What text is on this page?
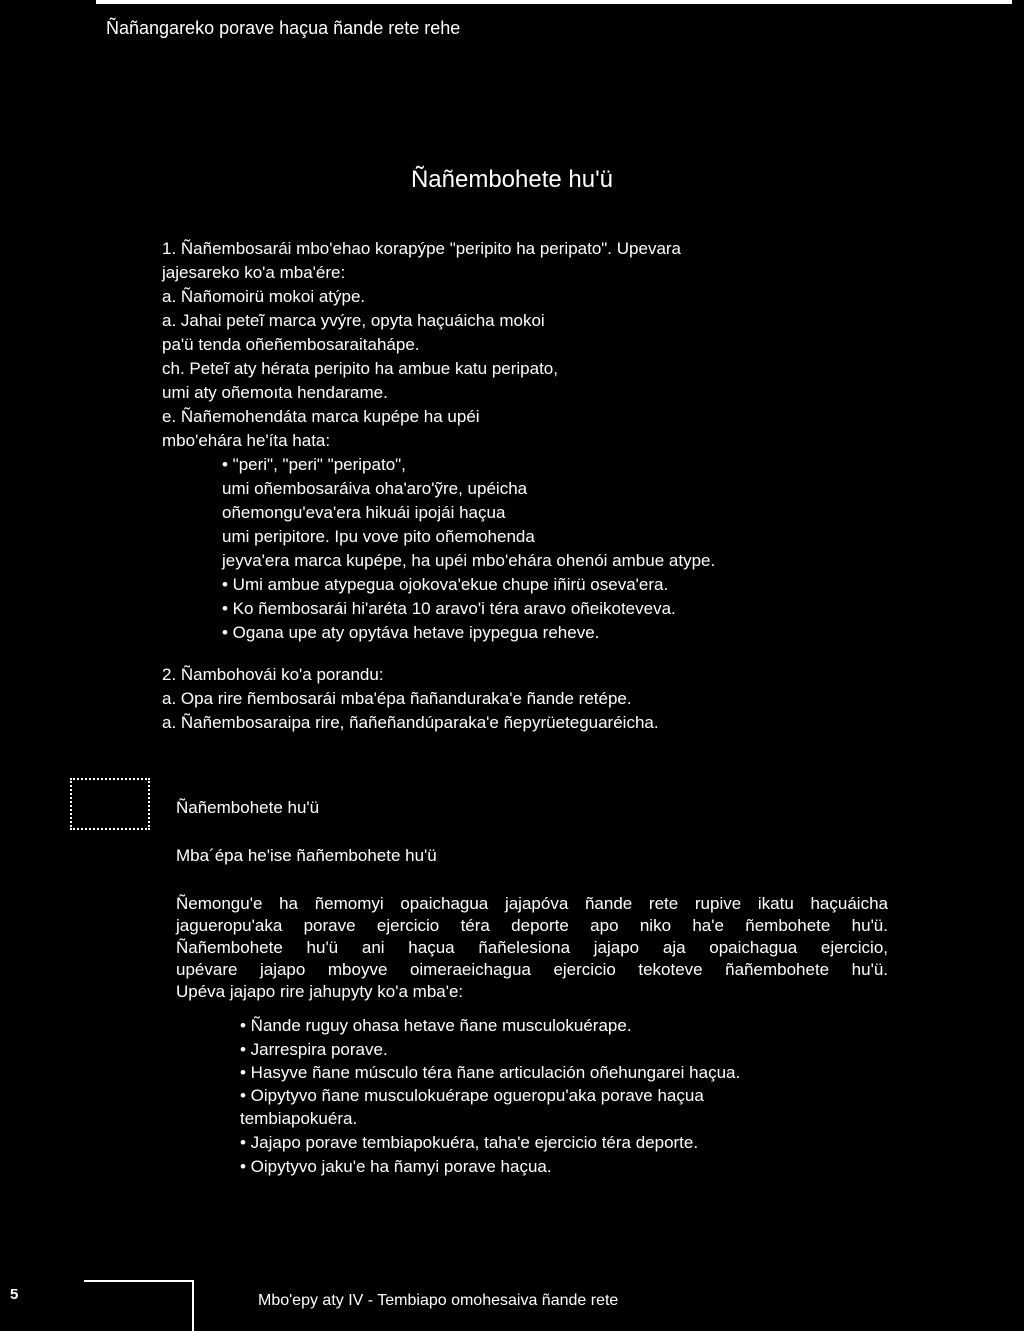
Ñañangareko porave haçua ñande rete rehe
Ñañembohete hu'ü
1. Ñañembosarái mbo'ehao korapýpe "peripito ha peripato". Upevara
jajesareko ko'a mba'ére:
a. Ñañomoirü mokoi atýpe.
a. Jahai peteĩ marca yvýre, opyta haçuáicha mokoi
pa'ü tenda oñeñembosaraitahápe.
ch. Peteĩ aty hérata peripito ha ambue katu peripato,
umi aty oñemoıta hendarame.
e. Ñañemohendáta marca kupépe ha upéi
mbo'ehára he'íta hata:
• "peri", "peri" "peripato",
umi oñembosaráiva oha'aro'ỹre, upéicha
oñemongu'eva'era hikuái ipojái haçua
umi peripitore. Ipu vove pito oñemohenda
jeyva'era marca kupépe, ha upéi mbo'ehára ohenói ambue atype.
• Umi ambue atypegua ojokova'ekue chupe iñirü oseva'era.
• Ko ñembosarái hi'aréta 10 aravo'i téra aravo oñeikoteveva.
• Ogana upe aty opytáva hetave ipypegua reheve.
2. Ñambohovái ko'a porandu:
a. Opa rire ñembosarái mba'épa ñañanduraka'e ñande retépe.
a. Ñañembosaraipa rire, ñañeñandúparaka'e ñepyrüeteguaréicha.
Ñañembohete hu'ü
Mba´épa he'ise ñañembohete hu'ü
Ñemongu'e ha ñemomyi opaichagua jajapóva ñande rete rupive ikatu haçuáicha
jagueropu'aka porave ejercicio téra deporte apo niko ha'e ñembohete hu'ü.
Ñañembohete hu'ü ani haçua ñañelesiona jajapo aja opaichagua ejercicio,
upévare jajapo mboyve oimeraeichagua ejercicio tekoteve ñañembohete hu'ü.
Upéva jajapo rire jahupyty ko'a mba'e:
• Ñande ruguy ohasa hetave ñane musculokuérape.
• Jarrespira porave.
• Hasyve ñane músculo téra ñane articulación oñehungarei haçua.
• Oipytyvo ñane musculokuérape ogueropu'aka porave haçua
tembiapokuéra.
• Jajapo porave tembiapokuéra, taha'e ejercicio téra deporte.
• Oipytyvo jaku'e ha ñamyi porave haçua.
5	Mbo'epy aty IV - Tembiapo omohesaiva ñande rete
